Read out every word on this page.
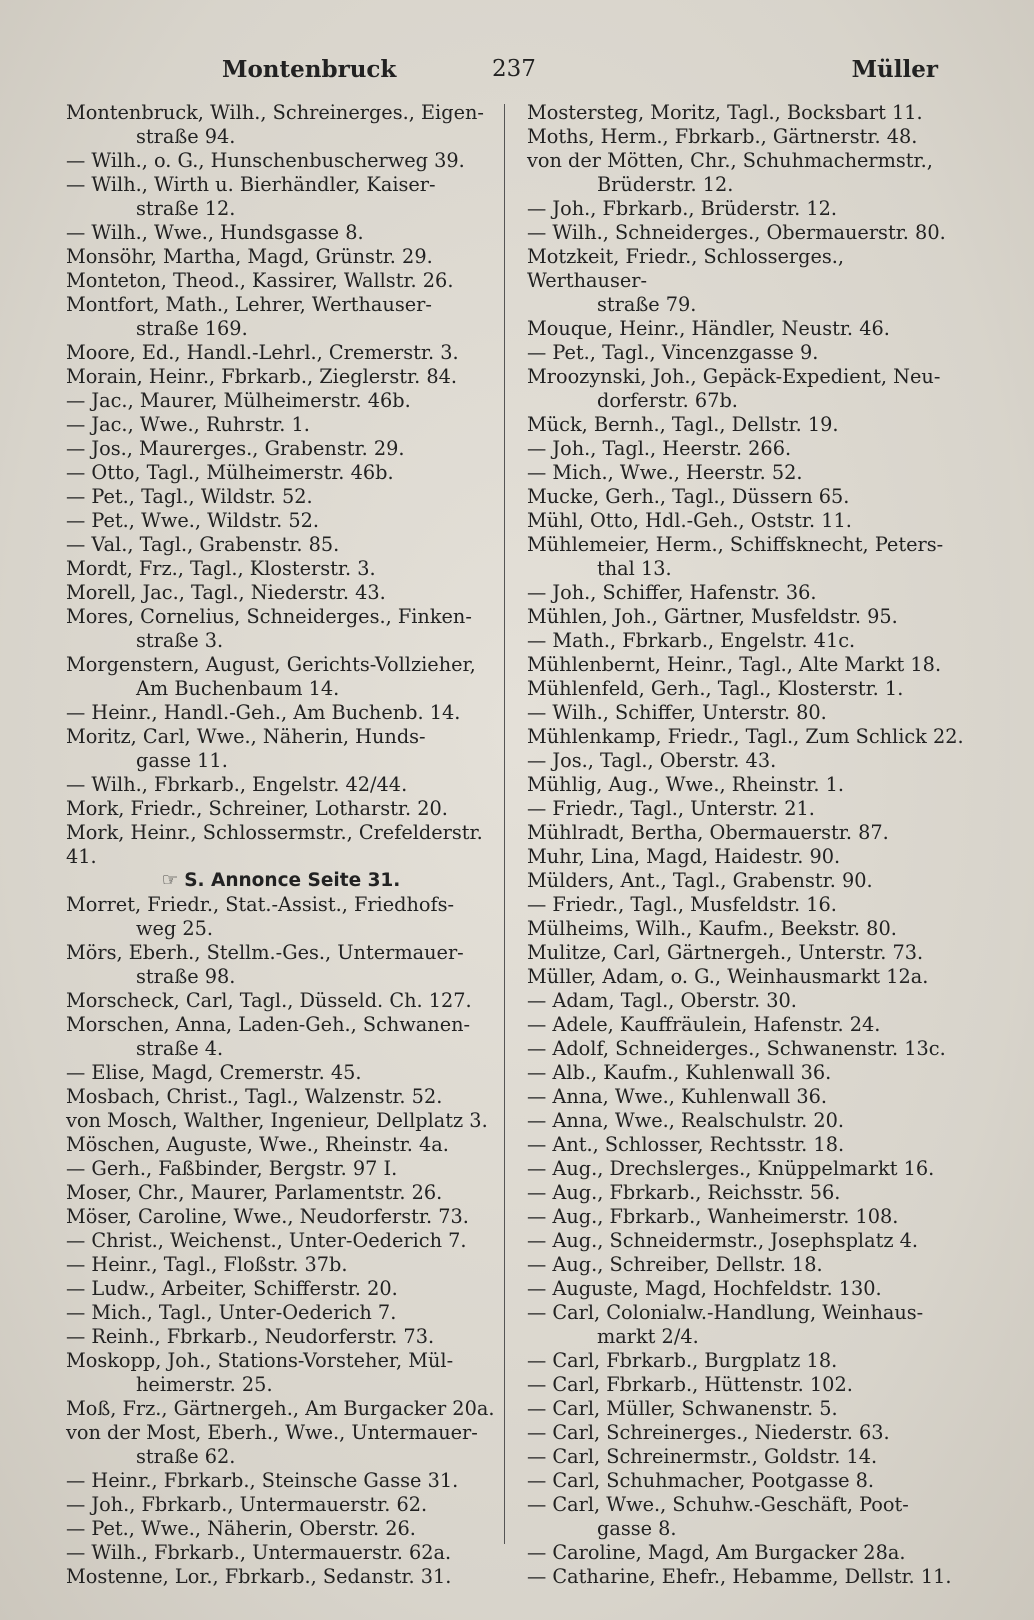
Montenbruck	237	Müller
Montenbruck, Wilh., Schreinerges., Eigen-
straße 94.
— Wilh., o. G., Hunschenbuscherweg 39.
— Wilh., Wirth u. Bierhändler, Kaiser-
straße 12.
— Wilh., Wwe., Hundsgasse 8.
Monsöhr, Martha, Magd, Grünstr. 29.
Monteton, Theod., Kassirer, Wallstr. 26.
Montfort, Math., Lehrer, Werthauser-
straße 169.
Moore, Ed., Handl.-Lehrl., Cremerstr. 3.
Morain, Heinr., Fbrkarb., Zieglerstr. 84.
— Jac., Maurer, Mülheimerstr. 46b.
— Jac., Wwe., Ruhrstr. 1.
— Jos., Maurerges., Grabenstr. 29.
— Otto, Tagl., Mülheimerstr. 46b.
— Pet., Tagl., Wildstr. 52.
— Pet., Wwe., Wildstr. 52.
— Val., Tagl., Grabenstr. 85.
Mordt, Frz., Tagl., Klosterstr. 3.
Morell, Jac., Tagl., Niederstr. 43.
Mores, Cornelius, Schneiderges., Finken-
straße 3.
Morgenstern, August, Gerichts-Vollzieher,
Am Buchenbaum 14.
— Heinr., Handl.-Geh., Am Buchenb. 14.
Moritz, Carl, Wwe., Näherin, Hunds-
gasse 11.
— Wilh., Fbrkarb., Engelstr. 42/44.
Mork, Friedr., Schreiner, Lotharstr. 20.
Mork, Heinr., Schlossermstr., Crefelderstr. 41.
☞ S. Annonce Seite 31.
Morret, Friedr., Stat.-Assist., Friedhofs-
weg 25.
Mörs, Eberh., Stellm.-Ges., Untermauer-
straße 98.
Morscheck, Carl, Tagl., Düsseld. Ch. 127.
Morschen, Anna, Laden-Geh., Schwanen-
straße 4.
— Elise, Magd, Cremerstr. 45.
Mosbach, Christ., Tagl., Walzenstr. 52.
von Mosch, Walther, Ingenieur, Dellplatz 3.
Möschen, Auguste, Wwe., Rheinstr. 4a.
— Gerh., Faßbinder, Bergstr. 97 I.
Moser, Chr., Maurer, Parlamentstr. 26.
Möser, Caroline, Wwe., Neudorferstr. 73.
— Christ., Weichenst., Unter-Oederich 7.
— Heinr., Tagl., Floßstr. 37b.
— Ludw., Arbeiter, Schifferstr. 20.
— Mich., Tagl., Unter-Oederich 7.
— Reinh., Fbrkarb., Neudorferstr. 73.
Moskopp, Joh., Stations-Vorsteher, Mül-
heimerstr. 25.
Moß, Frz., Gärtnergeh., Am Burgacker 20a.
von der Most, Eberh., Wwe., Untermauer-
straße 62.
— Heinr., Fbrkarb., Steinsche Gasse 31.
— Joh., Fbrkarb., Untermauerstr. 62.
— Pet., Wwe., Näherin, Oberstr. 26.
— Wilh., Fbrkarb., Untermauerstr. 62a.
Mostenne, Lor., Fbrkarb., Sedanstr. 31.
Mostersteg, Moritz, Tagl., Bocksbart 11.
Moths, Herm., Fbrkarb., Gärtnerstr. 48.
von der Mötten, Chr., Schuhmachermstr.,
Brüderstr. 12.
— Joh., Fbrkarb., Brüderstr. 12.
— Wilh., Schneiderges., Obermauerstr. 80.
Motzkeit, Friedr., Schlosserges., Werthauser-
straße 79.
Mouque, Heinr., Händler, Neustr. 46.
— Pet., Tagl., Vincenzgasse 9.
Mroozynski, Joh., Gepäck-Expedient, Neu-
dorferstr. 67b.
Mück, Bernh., Tagl., Dellstr. 19.
— Joh., Tagl., Heerstr. 266.
— Mich., Wwe., Heerstr. 52.
Mucke, Gerh., Tagl., Düssern 65.
Mühl, Otto, Hdl.-Geh., Oststr. 11.
Mühlemeier, Herm., Schiffsknecht, Peters-
thal 13.
— Joh., Schiffer, Hafenstr. 36.
Mühlen, Joh., Gärtner, Musfeldstr. 95.
— Math., Fbrkarb., Engelstr. 41c.
Mühlenbernt, Heinr., Tagl., Alte Markt 18.
Mühlenfeld, Gerh., Tagl., Klosterstr. 1.
— Wilh., Schiffer, Unterstr. 80.
Mühlenkamp, Friedr., Tagl., Zum Schlick 22.
— Jos., Tagl., Oberstr. 43.
Mühlig, Aug., Wwe., Rheinstr. 1.
— Friedr., Tagl., Unterstr. 21.
Mühlradt, Bertha, Obermauerstr. 87.
Muhr, Lina, Magd, Haidestr. 90.
Mülders, Ant., Tagl., Grabenstr. 90.
— Friedr., Tagl., Musfeldstr. 16.
Mülheims, Wilh., Kaufm., Beekstr. 80.
Mulitze, Carl, Gärtnergeh., Unterstr. 73.
Müller, Adam, o. G., Weinhausmarkt 12a.
— Adam, Tagl., Oberstr. 30.
— Adele, Kauffräulein, Hafenstr. 24.
— Adolf, Schneiderges., Schwanenstr. 13c.
— Alb., Kaufm., Kuhlenwall 36.
— Anna, Wwe., Kuhlenwall 36.
— Anna, Wwe., Realschulstr. 20.
— Ant., Schlosser, Rechtsstr. 18.
— Aug., Drechslerges., Knüppelmarkt 16.
— Aug., Fbrkarb., Reichsstr. 56.
— Aug., Fbrkarb., Wanheimerstr. 108.
— Aug., Schneidermstr., Josephsplatz 4.
— Aug., Schreiber, Dellstr. 18.
— Auguste, Magd, Hochfeldstr. 130.
— Carl, Colonialw.-Handlung, Weinhaus-
markt 2/4.
— Carl, Fbrkarb., Burgplatz 18.
— Carl, Fbrkarb., Hüttenstr. 102.
— Carl, Müller, Schwanenstr. 5.
— Carl, Schreinerges., Niederstr. 63.
— Carl, Schreinermstr., Goldstr. 14.
— Carl, Schuhmacher, Pootgasse 8.
— Carl, Wwe., Schuhw.-Geschäft, Poot-
gasse 8.
— Caroline, Magd, Am Burgacker 28a.
— Catharine, Ehefr., Hebamme, Dellstr. 11.
